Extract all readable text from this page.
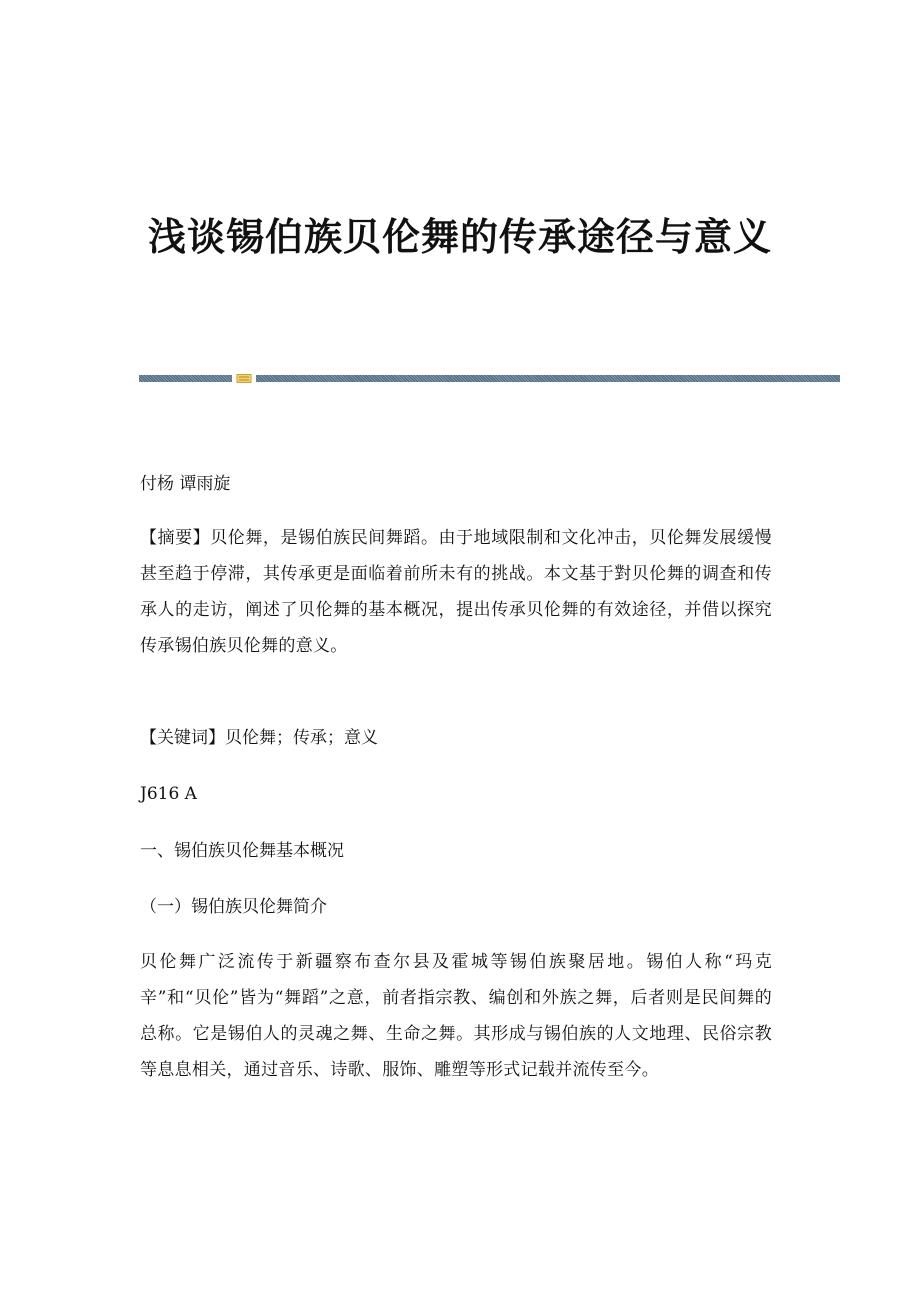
浅谈锡伯族贝伦舞的传承途径与意义
付杨 谭雨旋
【摘要】贝伦舞，是锡伯族民间舞蹈。由于地域限制和文化冲击，贝伦舞发展缓慢甚至趋于停滞，其传承更是面临着前所未有的挑战。本文基于對贝伦舞的调查和传承人的走访，阐述了贝伦舞的基本概况，提出传承贝伦舞的有效途径，并借以探究传承锡伯族贝伦舞的意义。
【关键词】贝伦舞；传承；意义
J616 A
一、锡伯族贝伦舞基本概况
（一）锡伯族贝伦舞简介
贝伦舞广泛流传于新疆察布查尔县及霍城等锡伯族聚居地。锡伯人称“玛克辛”和“贝伦”皆为“舞蹈”之意，前者指宗教、编创和外族之舞，后者则是民间舞的总称。它是锡伯人的灵魂之舞、生命之舞。其形成与锡伯族的人文地理、民俗宗教等息息相关，通过音乐、诗歌、服饰、雕塑等形式记载并流传至今。
